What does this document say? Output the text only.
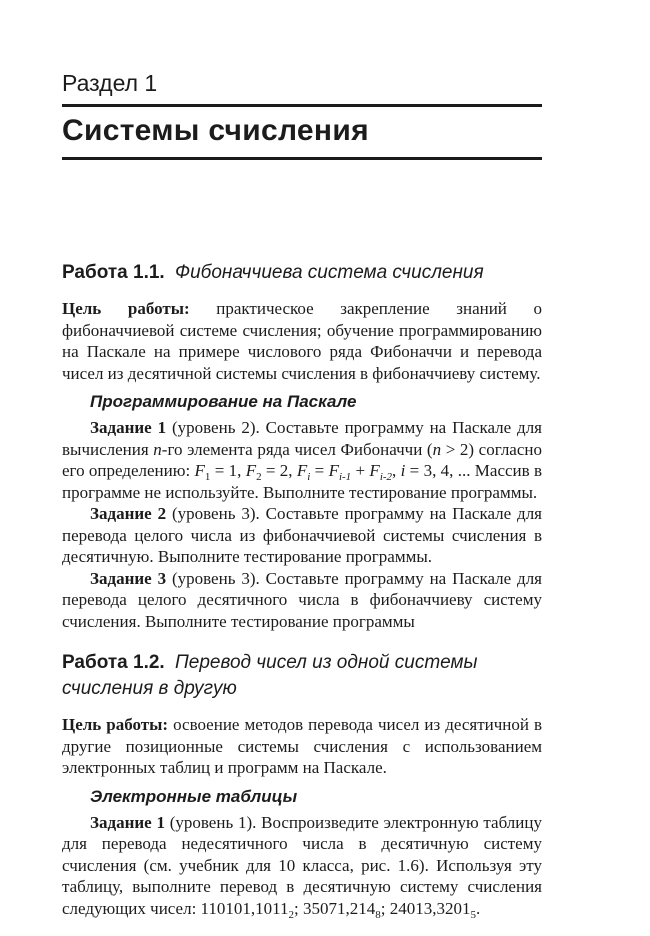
Раздел 1
Системы счисления
Работа 1.1. Фибоначчиева система счисления

Цель работы: практическое закрепление знаний о фибоначчиевой системе счисления; обучение программированию на Паскале на примере числового ряда Фибоначчи и перевода чисел из десятичной системы счисления в фибоначчиеву систему.

Программирование на Паскале

Задание 1 (уровень 2). Составьте программу на Паскале для вычисления n-го элемента ряда чисел Фибоначчи (n > 2) согласно его определению: $F_1 = 1$, $F_2 = 2$, $F_i = F_{i-1} + F_{i-2}$, i = 3, 4, ... Массив в программе не используйте. Выполните тестирование программы.

Задание 2 (уровень 3). Составьте программу на Паскале для перевода целого числа из фибоначчиевой системы счисления в десятичную. Выполните тестирование программы.

Задание 3 (уровень 3). Составьте программу на Паскале для перевода целого десятичного числа в фибоначчиеву систему счисления. Выполните тестирование программы

Работа 1.2. Перевод чисел из одной системы счисления в другую

Цель работы: освоение методов перевода чисел из десятичной в другие позиционные системы счисления с использованием электронных таблиц и программ на Паскале.

Электронные таблицы

Задание 1 (уровень 1). Воспроизведите электронную таблицу для перевода недесятичного числа в десятичную систему счисления (см. учебник для 10 класса, рис. 1.6). Используя эту таблицу, выполните перевод в десятичную систему счисления следующих чисел: $110101,1011_2$; $35071,214_8$; $24013,3201_5$.
